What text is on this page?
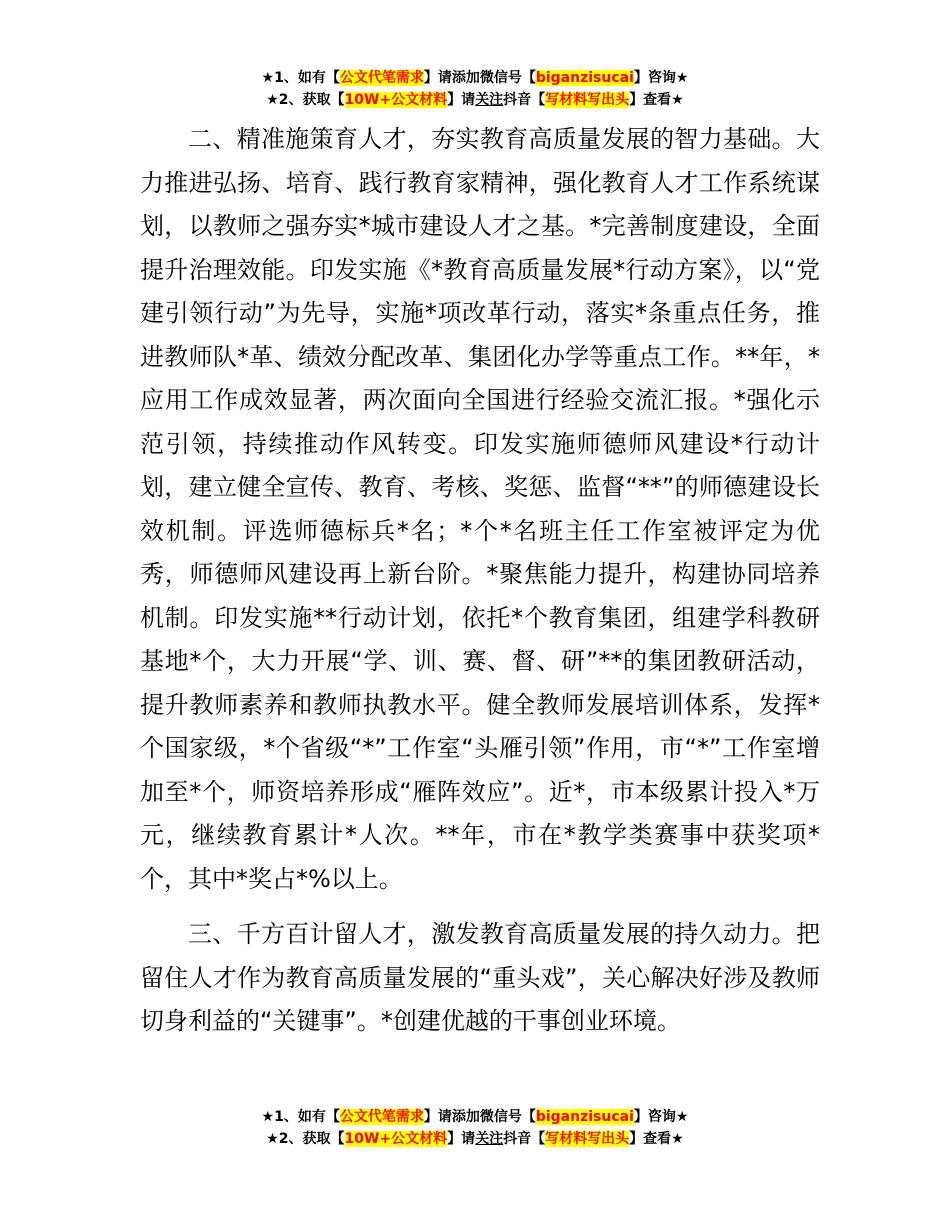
★1、如有【公文代笔需求】请添加微信号【biganzisucai】咨询★
★2、获取【10W+公文材料】请关注抖音【写材料写出头】查看★

二、精准施策育人才，夯实教育高质量发展的智力基础。大力推进弘扬、培育、践行教育家精神，强化教育人才工作系统谋划，以教师之强夯实*城市建设人才之基。*完善制度建设，全面提升治理效能。印发实施《*教育高质量发展*行动方案》，以“党建引领行动”为先导，实施*项改革行动，落实*条重点任务，推进教师队*革、绩效分配改革、集团化办学等重点工作。**年，*应用工作成效显著，两次面向全国进行经验交流汇报。*强化示范引领，持续推动作风转变。印发实施师德师风建设*行动计划，建立健全宣传、教育、考核、奖惩、监督“**”的师德建设长效机制。评选师德标兵*名；*个*名班主任工作室被评定为优秀，师德师风建设再上新台阶。*聚焦能力提升，构建协同培养机制。印发实施**行动计划，依托*个教育集团，组建学科教研基地*个，大力开展“学、训、赛、督、研”**的集团教研活动，提升教师素养和教师执教水平。健全教师发展培训体系，发挥*个国家级，*个省级“*”工作室“头雁引领”作用，市“*”工作室增加至*个，师资培养形成“雁阵效应”。近*，市本级累计投入*万元，继续教育累计*人次。**年，市在*教学类赛事中获奖项*个，其中*奖占*%以上。

三、千方百计留人才，激发教育高质量发展的持久动力。把留住人才作为教育高质量发展的“重头戏”，关心解决好涉及教师切身利益的“关键事”。*创建优越的干事创业环境。

★1、如有【公文代笔需求】请添加微信号【biganzisucai】咨询★
★2、获取【10W+公文材料】请关注抖音【写材料写出头】查看★
